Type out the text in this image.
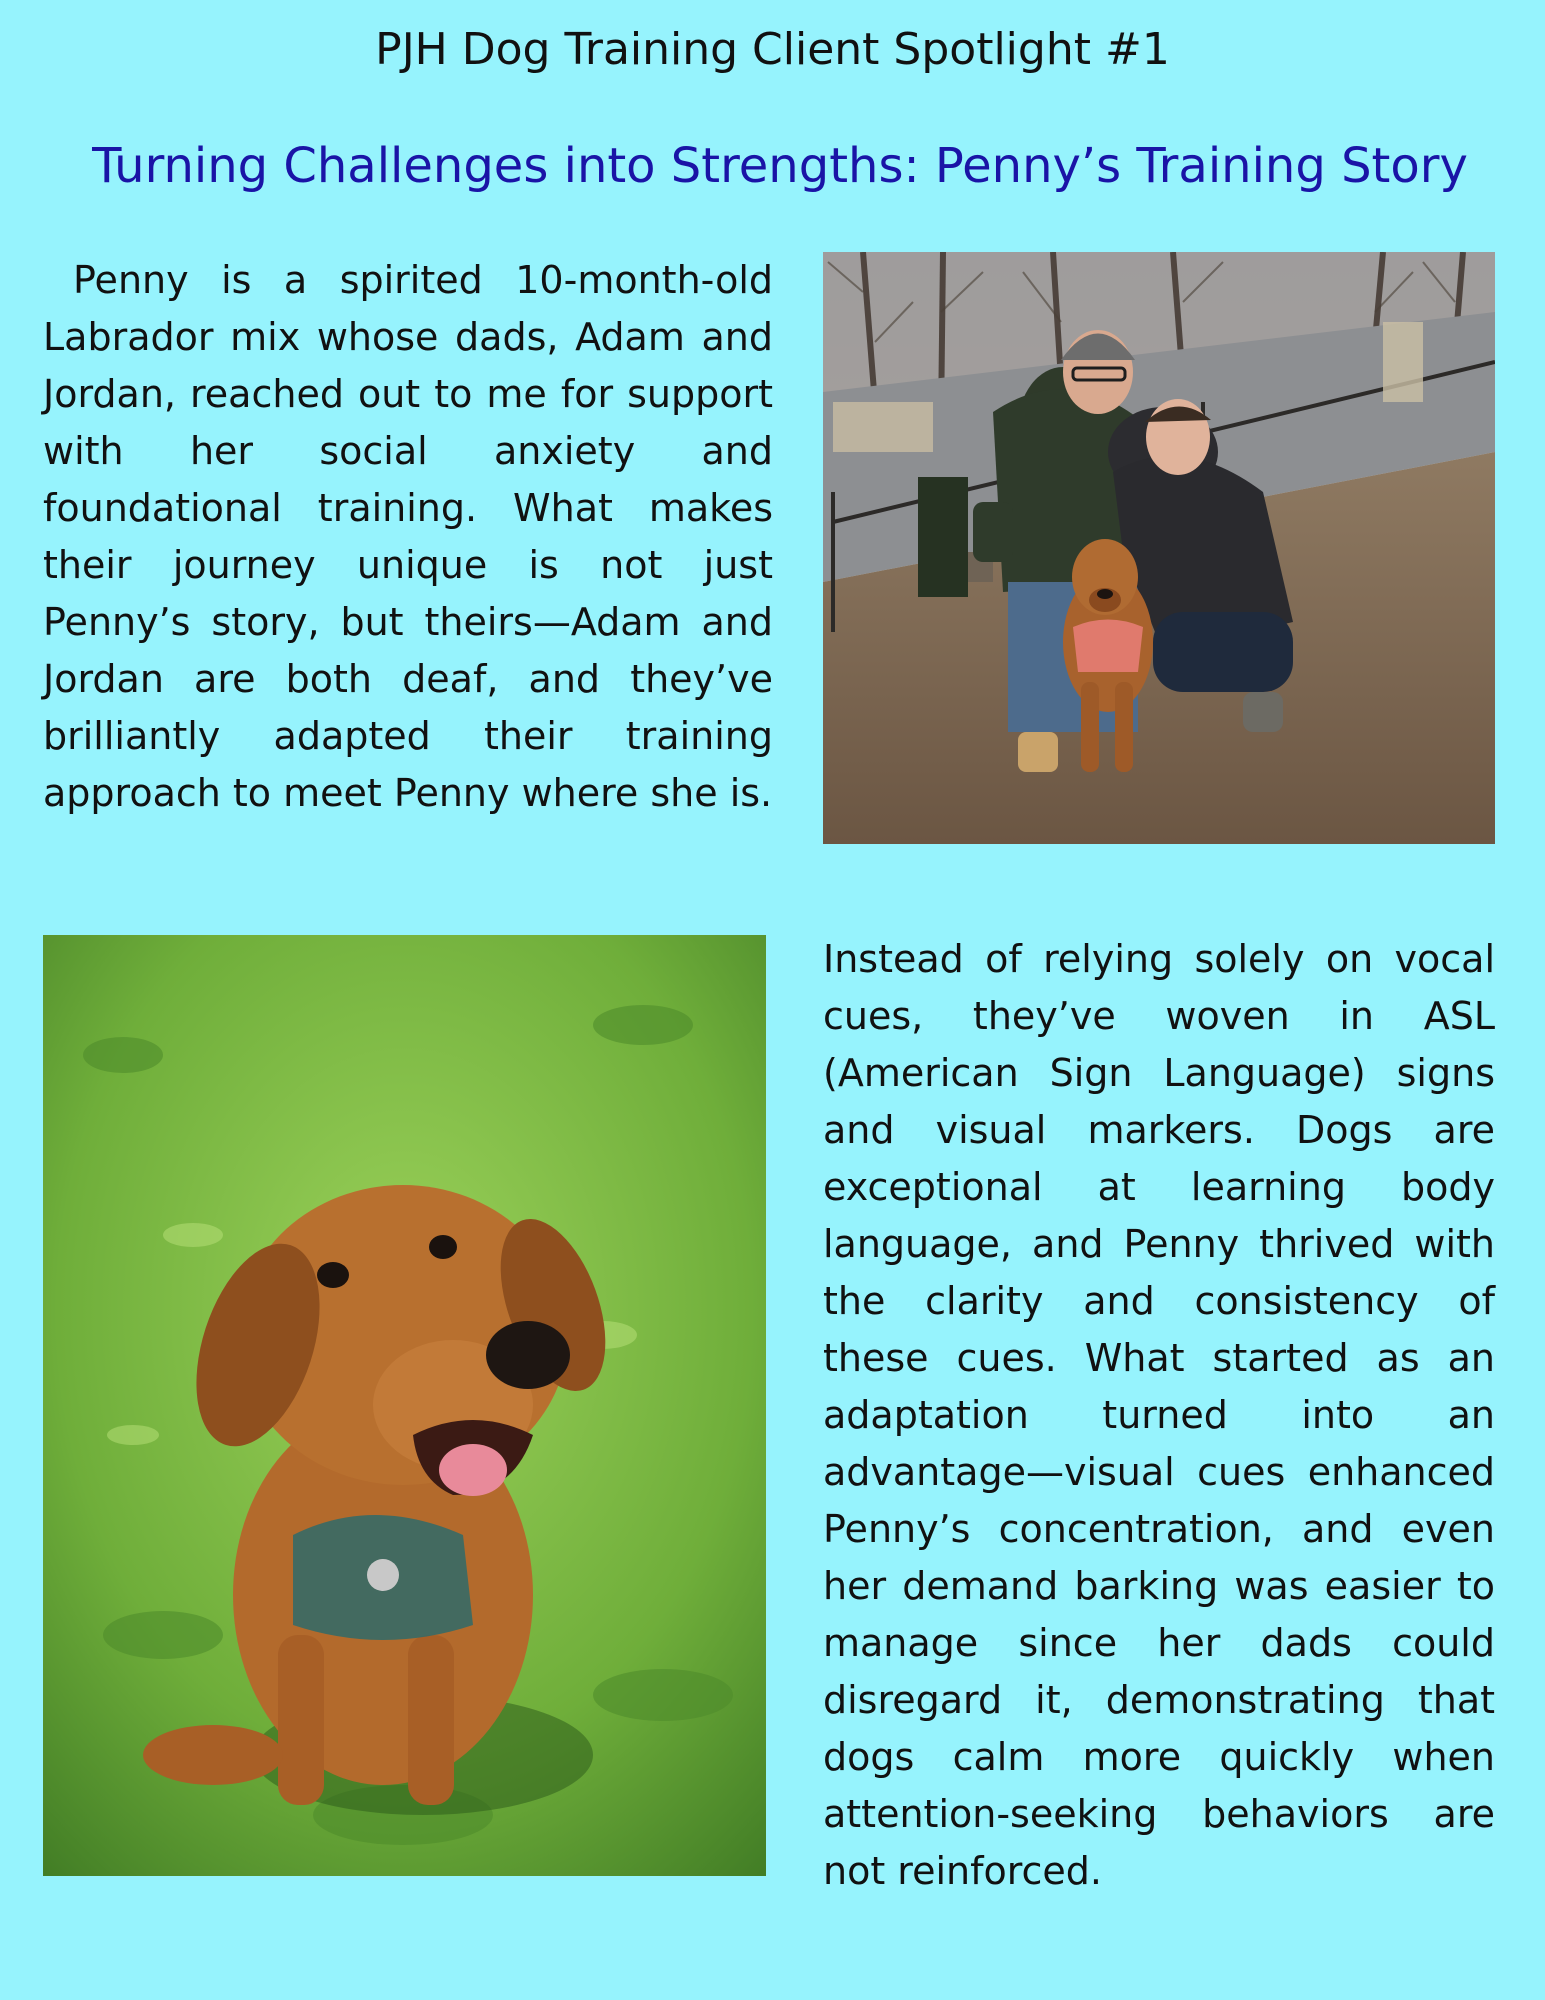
PJH Dog Training Client Spotlight #1
Turning Challenges into Strengths: Penny’s Training Story

Penny is a spirited 10-month-old Labrador mix whose dads, Adam and Jordan, reached out to me for support with her social anxiety and foundational training. What makes their journey unique is not just Penny’s story, but theirs—Adam and Jordan are both deaf, and they’ve brilliantly adapted their training approach to meet Penny where she is.

Instead of relying solely on vocal cues, they’ve woven in ASL (American Sign Language) signs and visual markers. Dogs are exceptional at learning body language, and Penny thrived with the clarity and consistency of these cues. What started as an adaptation turned into an advantage—visual cues enhanced Penny’s concentration, and even her demand barking was easier to manage since her dads could disregard it, demonstrating that dogs calm more quickly when attention-seeking behaviors are not reinforced.
